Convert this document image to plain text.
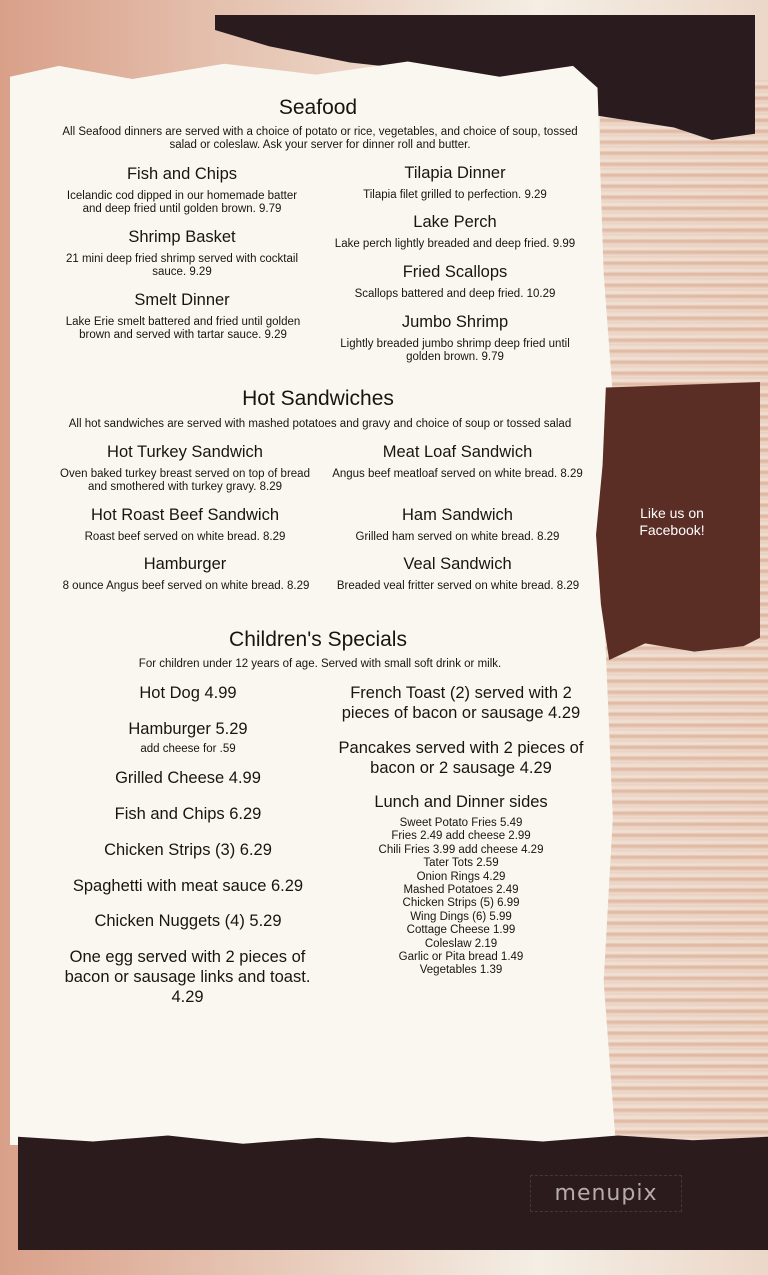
Like us on Facebook!
menupix
Seafood
All Seafood dinners are served with a choice of potato or rice, vegetables, and choice of soup, tossed salad or coleslaw. Ask your server for dinner roll and butter.
Fish and Chips
Icelandic cod dipped in our homemade batter and deep fried until golden brown. 9.79
Shrimp Basket
21 mini deep fried shrimp served with cocktail sauce. 9.29
Smelt Dinner
Lake Erie smelt battered and fried until golden brown and served with tartar sauce. 9.29
Tilapia Dinner
Tilapia filet grilled to perfection. 9.29
Lake Perch
Lake perch lightly breaded and deep fried. 9.99
Fried Scallops
Scallops battered and deep fried. 10.29
Jumbo Shrimp
Lightly breaded jumbo shrimp deep fried until golden brown. 9.79
Hot Sandwiches
All hot sandwiches are served with mashed potatoes and gravy and choice of soup or tossed salad
Hot Turkey Sandwich
Oven baked turkey breast served on top of bread and smothered with turkey gravy. 8.29
Hot Roast Beef Sandwich
Roast beef served on white bread. 8.29
Hamburger
8 ounce Angus beef served on white bread. 8.29
Meat Loaf Sandwich
Angus beef meatloaf served on white bread. 8.29
Ham Sandwich
Grilled ham served on white bread. 8.29
Veal Sandwich
Breaded veal fritter served on white bread. 8.29
Children's Specials
For children under 12 years of age. Served with small soft drink or milk.
Hot Dog 4.99
Hamburger 5.29
add cheese for .59
Grilled Cheese 4.99
Fish and Chips 6.29
Chicken Strips (3) 6.29
Spaghetti with meat sauce 6.29
Chicken Nuggets (4) 5.29
One egg served with 2 pieces of bacon or sausage links and toast. 4.29
French Toast (2) served with 2 pieces of bacon or sausage 4.29
Pancakes served with 2 pieces of bacon or 2 sausage 4.29
Lunch and Dinner sides
Sweet Potato Fries 5.49
Fries 2.49 add cheese 2.99
Chili Fries 3.99 add cheese 4.29
Tater Tots 2.59
Onion Rings 4.29
Mashed Potatoes 2.49
Chicken Strips (5) 6.99
Wing Dings (6) 5.99
Cottage Cheese 1.99
Coleslaw 2.19
Garlic or Pita bread 1.49
Vegetables 1.39
